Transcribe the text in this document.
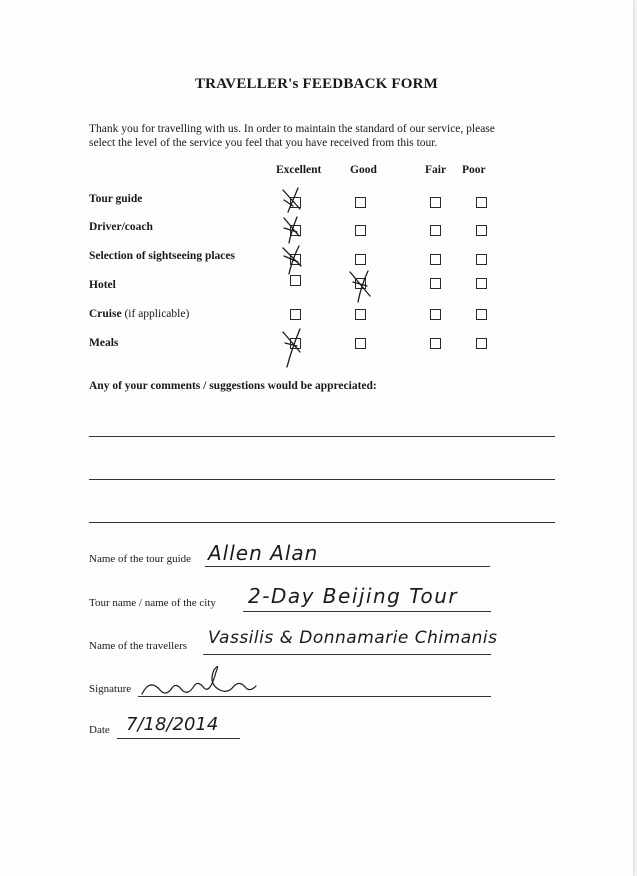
TRAVELLER's FEEDBACK FORM
Thank you for travelling with us. In order to maintain the standard of our service, please
select the level of the service you feel that you have received from this tour.
Excellent Good	Fair Poor
Tour guide
Driver/coach
Selection of sightseeing places
Hotel
Cruise (if applicable)
Meals
Any of your comments / suggestions would be appreciated:
Name of the tour guide Allen Alan
Tour name / name of the city 2-Day Beijing Tour
Name of the travellers Vassilis & Donnamarie Chimanis
Signature
Date 7/18/2014
